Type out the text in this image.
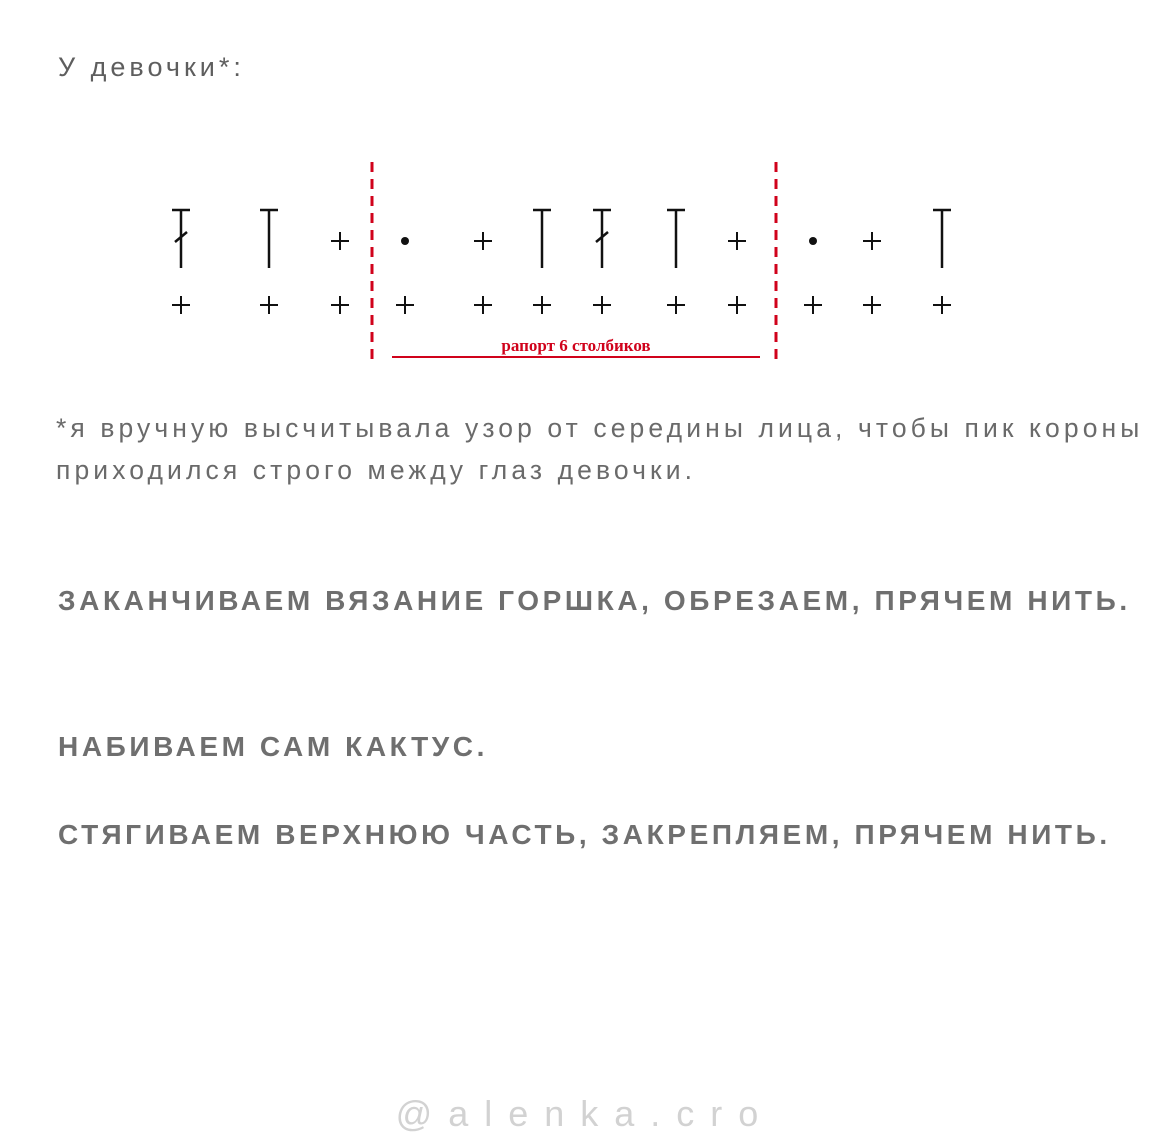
У девочки*:
рапорт 6 столбиков

*я вручную высчитывала узор от середины лица, чтобы пик короны приходился строго между глаз девочки.

ЗАКАНЧИВАЕМ ВЯЗАНИЕ ГОРШКА, ОБРЕЗАЕМ, ПРЯЧЕМ НИТЬ.

НАБИВАЕМ САМ КАКТУС.

СТЯГИВАЕМ ВЕРХНЮЮ ЧАСТЬ, ЗАКРЕПЛЯЕМ, ПРЯЧЕМ НИТЬ.

@alenka.cro
